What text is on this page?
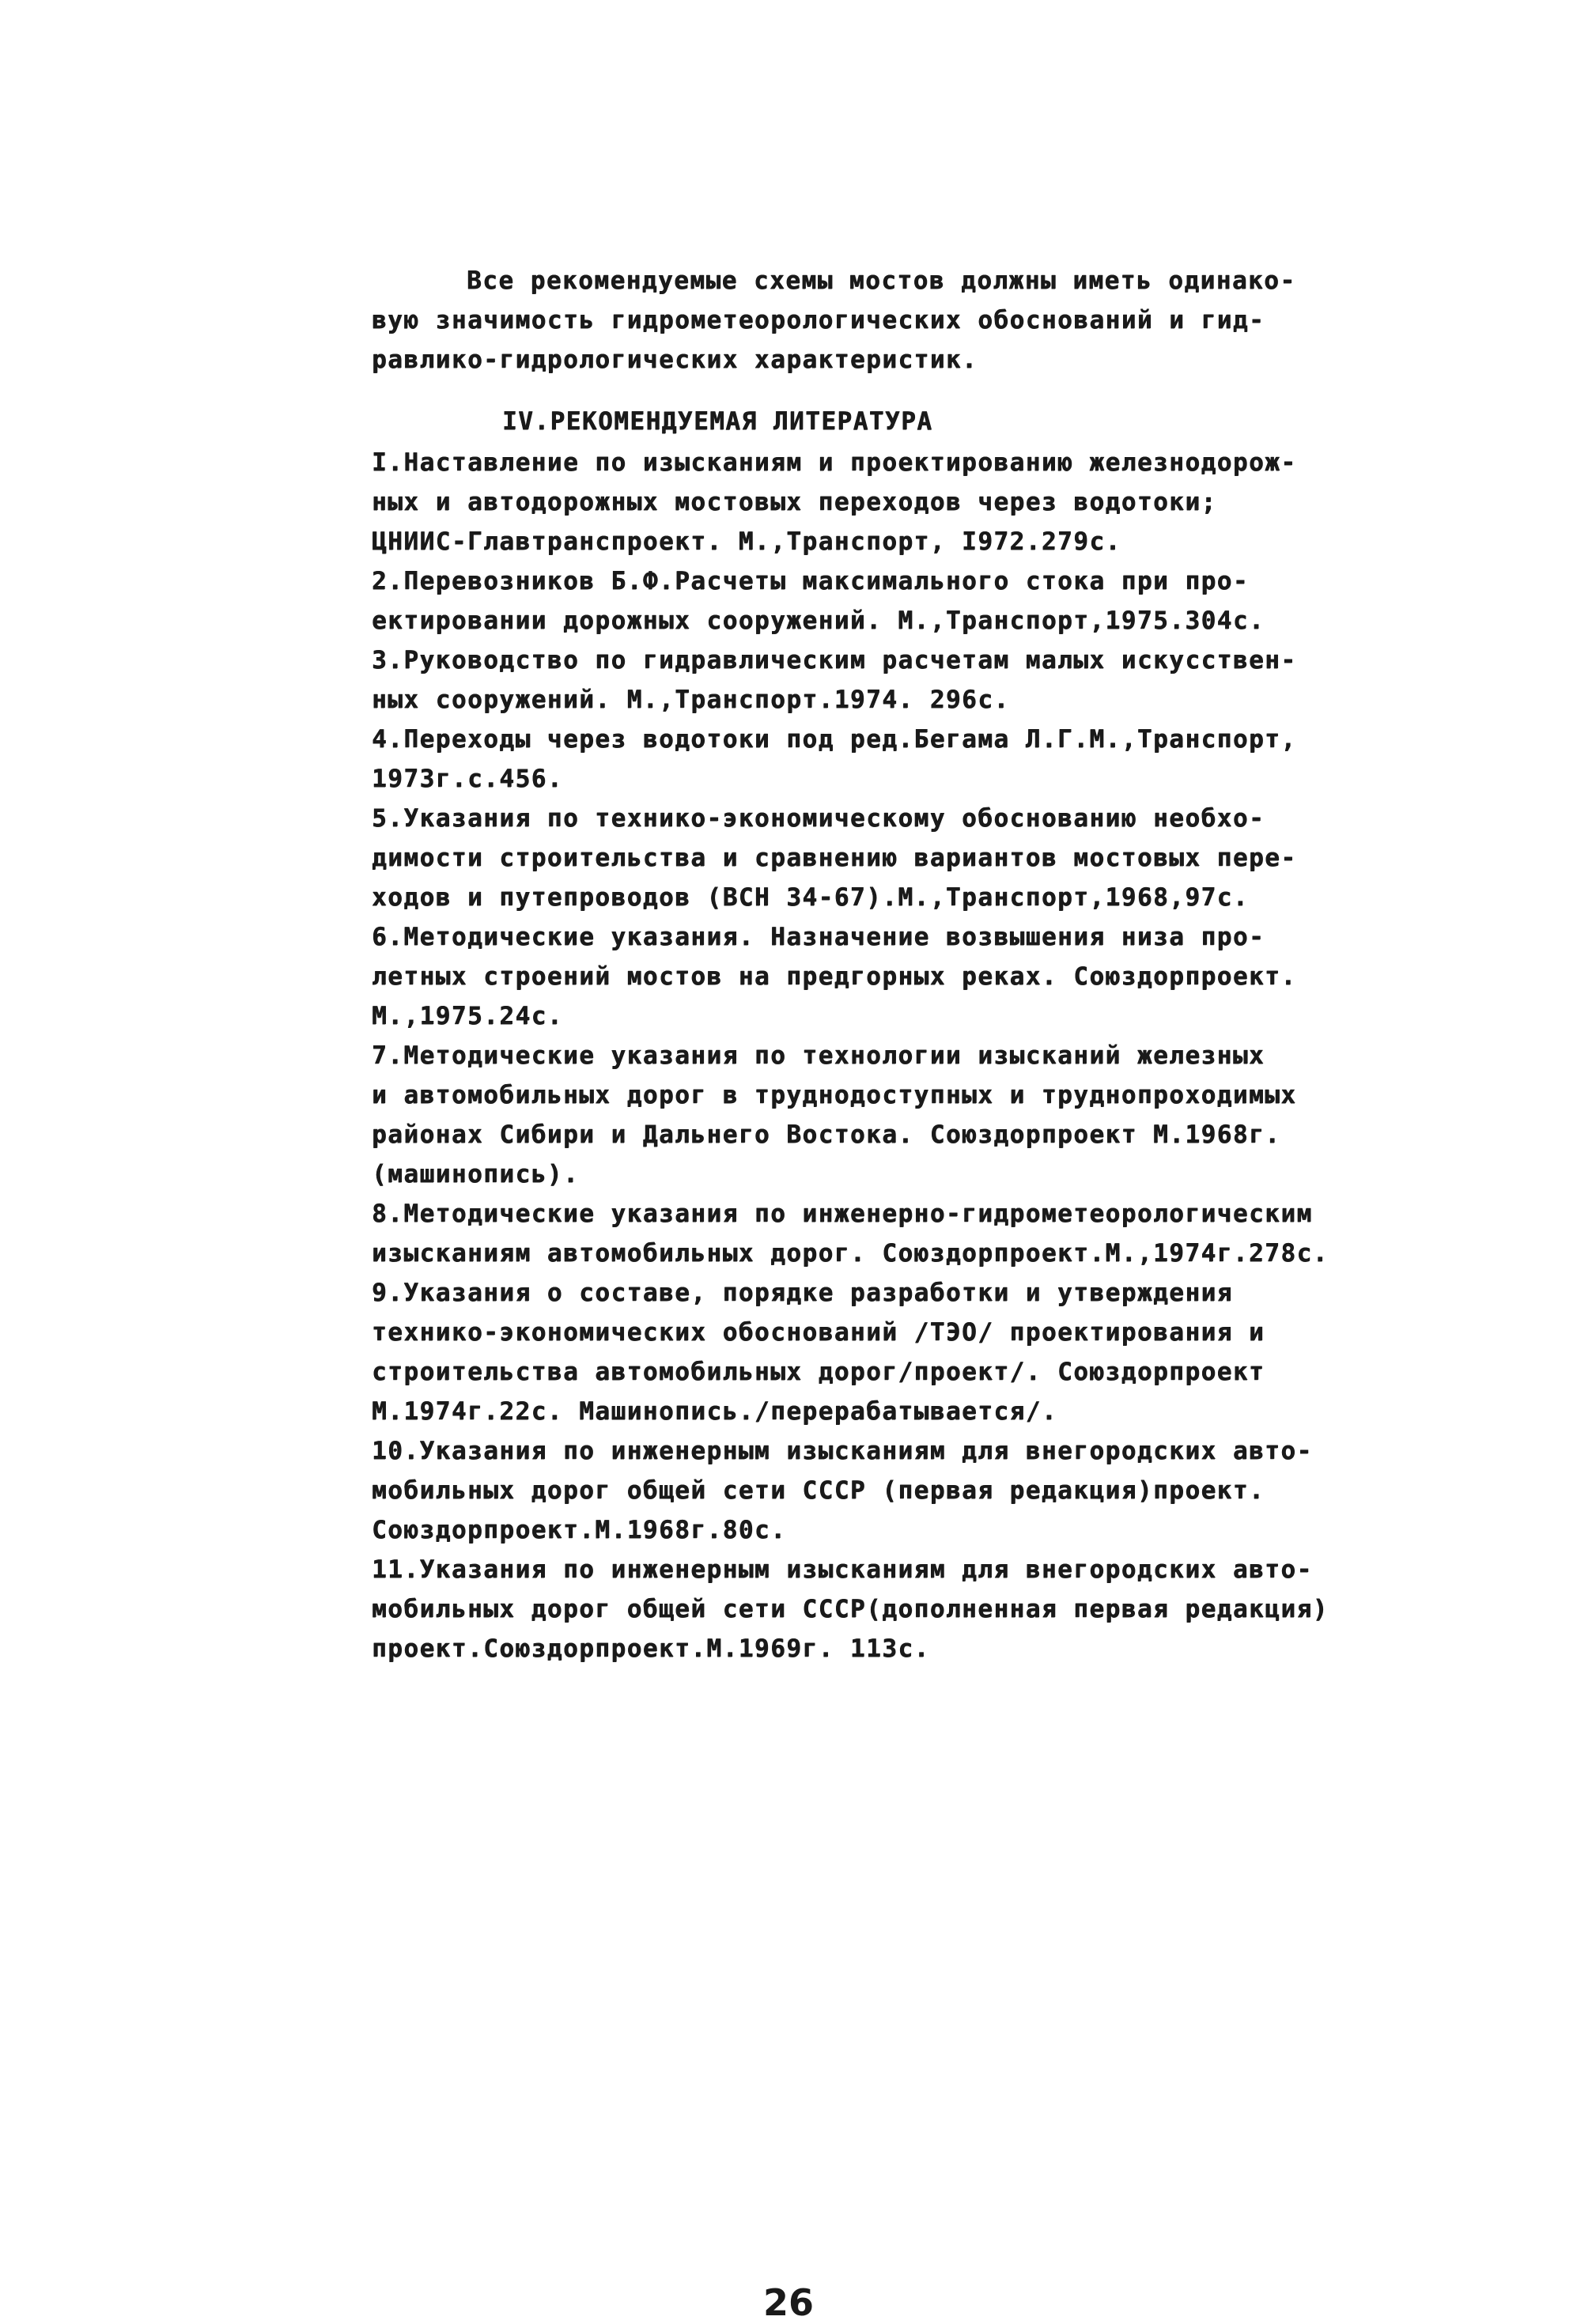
Все рекомендуемые схемы мостов должны иметь одинако-
вую значимость гидрометеорологических обоснований и гид-
равлико-гидрологических характеристик.
IV.РЕКОМЕНДУЕМАЯ ЛИТЕРАТУРА
I.Наставление по изысканиям и проектированию железнодорож-
ных и автодорожных мостовых переходов через водотоки;
ЦНИИС-Главтранспроект. М.,Транспорт, I972.279с.
2.Перевозников Б.Ф.Расчеты максимального стока при про-
ектировании дорожных сооружений. М.,Транспорт,1975.304с.
3.Руководство по гидравлическим расчетам малых искусствен-
ных сооружений. М.,Транспорт.1974. 296с.
4.Переходы через водотоки под ред.Бегама Л.Г.М.,Транспорт,
1973г.с.456.
5.Указания по технико-экономическому обоснованию необхо-
димости строительства и сравнению вариантов мостовых пере-
ходов и путепроводов (ВСН 34-67).М.,Транспорт,1968,97с.
6.Методические указания. Назначение возвышения низа про-
летных строений мостов на предгорных реках. Союздорпроект.
М.,1975.24с.
7.Методические указания по технологии изысканий железных
и автомобильных дорог в труднодоступных и труднопроходимых
районах Сибири и Дальнего Востока. Союздорпроект М.1968г.
(машинопись).
8.Методические указания по инженерно-гидрометеорологическим
изысканиям автомобильных дорог. Союздорпроект.М.,1974г.278с.
9.Указания о составе, порядке разработки и утверждения
технико-экономических обоснований /ТЭО/ проектирования и
строительства автомобильных дорог/проект/. Союздорпроект
М.1974г.22с. Машинопись./перерабатывается/.
10.Указания по инженерным изысканиям для внегородских авто-
мобильных дорог общей сети СССР (первая редакция)проект.
Союздорпроект.М.1968г.80с.
11.Указания по инженерным изысканиям для внегородских авто-
мобильных дорог общей сети СССР(дополненная первая редакция)
проект.Союздорпроект.М.1969г. 113с.
26
